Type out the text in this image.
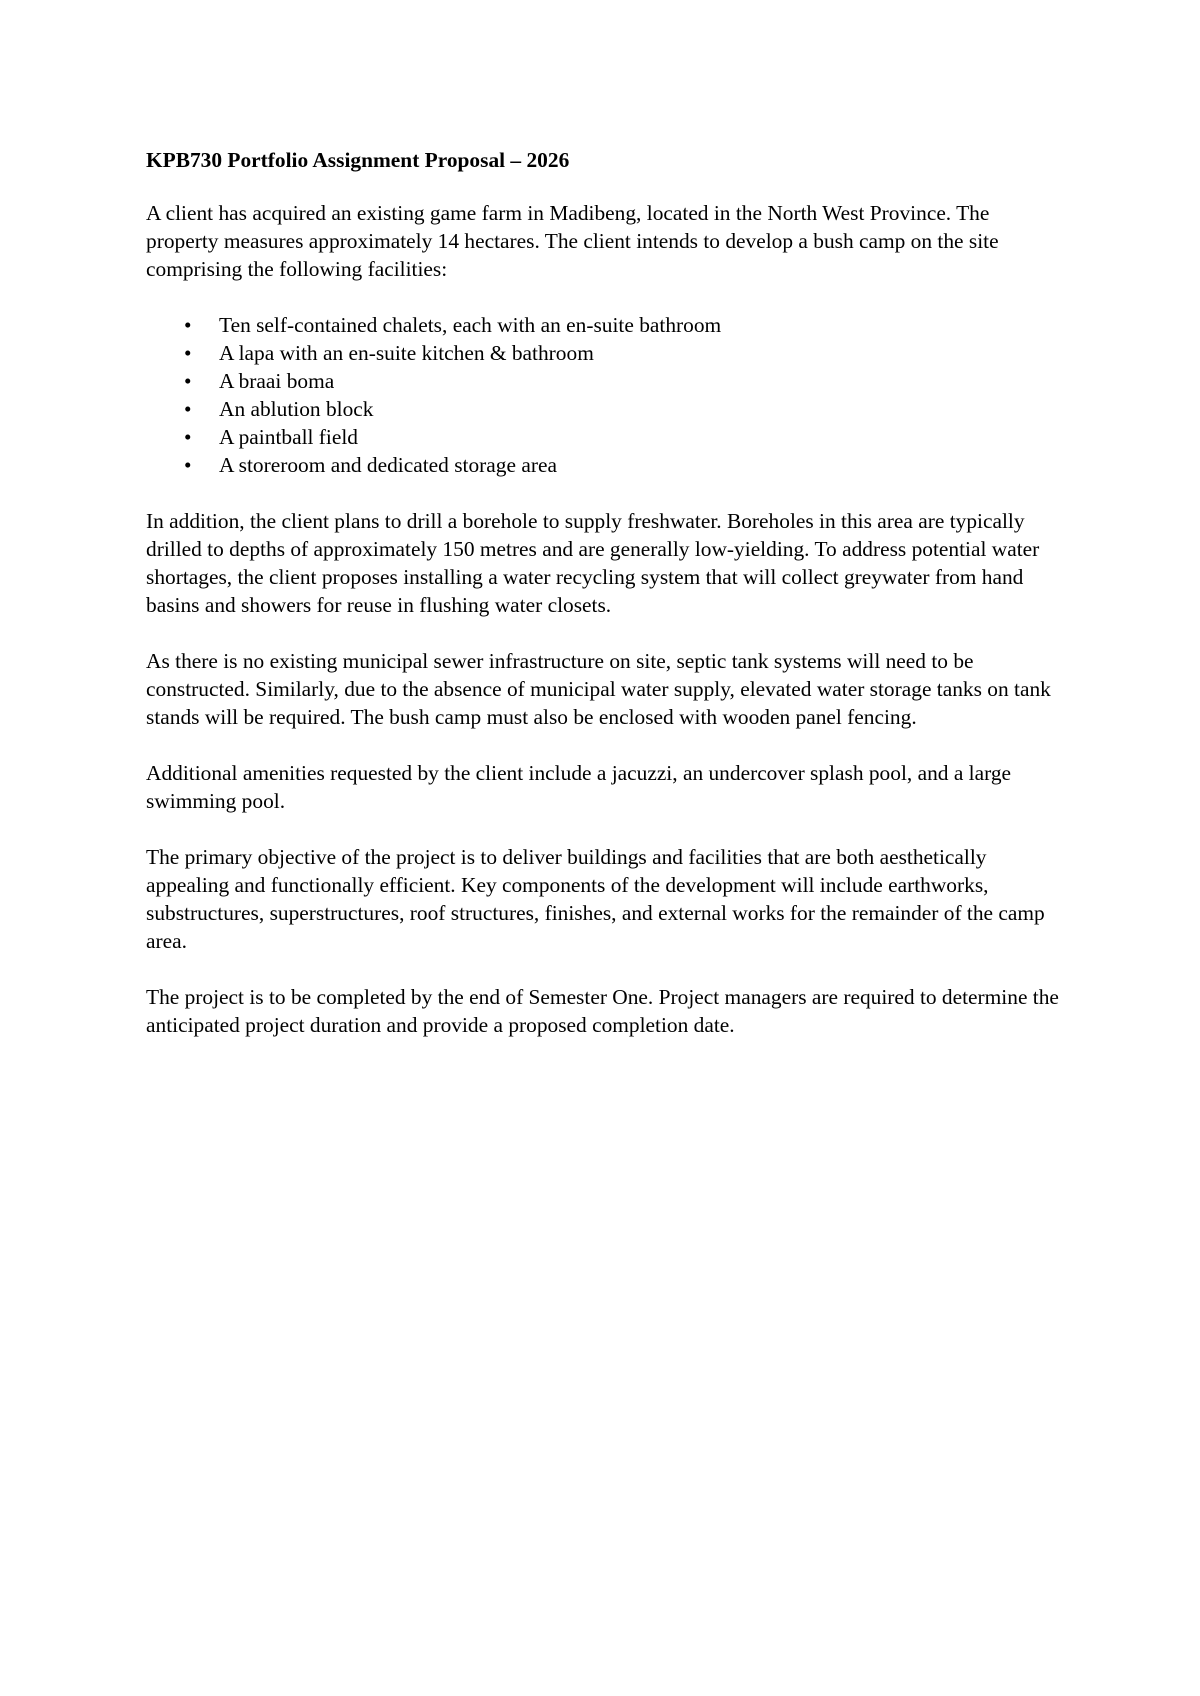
KPB730 Portfolio Assignment Proposal – 2026

A client has acquired an existing game farm in Madibeng, located in the North West Province. The property measures approximately 14 hectares. The client intends to develop a bush camp on the site comprising the following facilities:

•	Ten self-contained chalets, each with an en-suite bathroom
•	A lapa with an en-suite kitchen & bathroom
•	A braai boma
•	An ablution block
•	A paintball field
•	A storeroom and dedicated storage area

In addition, the client plans to drill a borehole to supply freshwater. Boreholes in this area are typically drilled to depths of approximately 150 metres and are generally low-yielding. To address potential water shortages, the client proposes installing a water recycling system that will collect greywater from hand basins and showers for reuse in flushing water closets.

As there is no existing municipal sewer infrastructure on site, septic tank systems will need to be constructed. Similarly, due to the absence of municipal water supply, elevated water storage tanks on tank stands will be required. The bush camp must also be enclosed with wooden panel fencing.

Additional amenities requested by the client include a jacuzzi, an undercover splash pool, and a large swimming pool.

The primary objective of the project is to deliver buildings and facilities that are both aesthetically appealing and functionally efficient. Key components of the development will include earthworks, substructures, superstructures, roof structures, finishes, and external works for the remainder of the camp area.

The project is to be completed by the end of Semester One. Project managers are required to determine the anticipated project duration and provide a proposed completion date.
